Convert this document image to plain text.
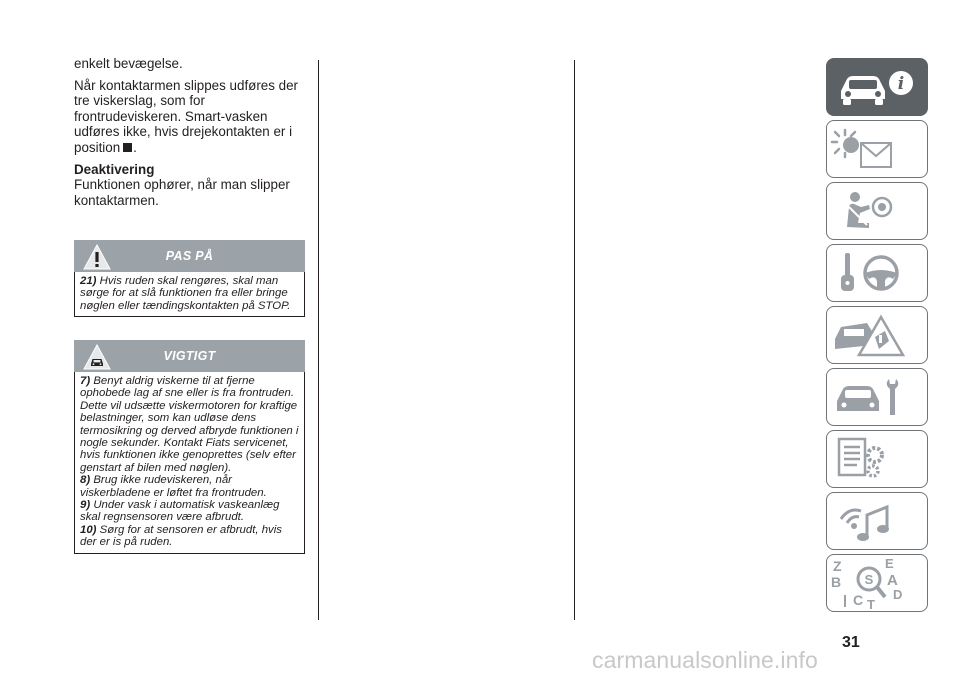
enkelt bevægelse.

Når kontaktarmen slippes udføres der tre viskerslag, som for frontrudeviskeren. Smart-vasken udføres ikke, hvis drejekontakten er i position .

Deaktivering

Funktionen ophører, når man slipper kontaktarmen.

PAS PÅ

21) Hvis ruden skal rengøres, skal man sørge for at slå funktionen fra eller bringe nøglen eller tændingskontakten på STOP.

VIGTIGT

7) Benyt aldrig viskerne til at fjerne ophobede lag af sne eller is fra frontruden. Dette vil udsætte viskermotoren for kraftige belastninger, som kan udløse dens termosikring og derved afbryde funktionen i nogle sekunder. Kontakt Fiats servicenet, hvis funktionen ikke genoprettes (selv efter genstart af bilen med nøglen).

8) Brug ikke rudeviskeren, når viskerbladene er løftet fra frontruden.

9) Under vask i automatisk vaskeanlæg skal regnsensoren være afbrudt.

10) Sørg for at sensoren er afbrudt, hvis der er is på ruden.

i
Z	E
B	A
C T
D
S
31
carmanualsonline.info
